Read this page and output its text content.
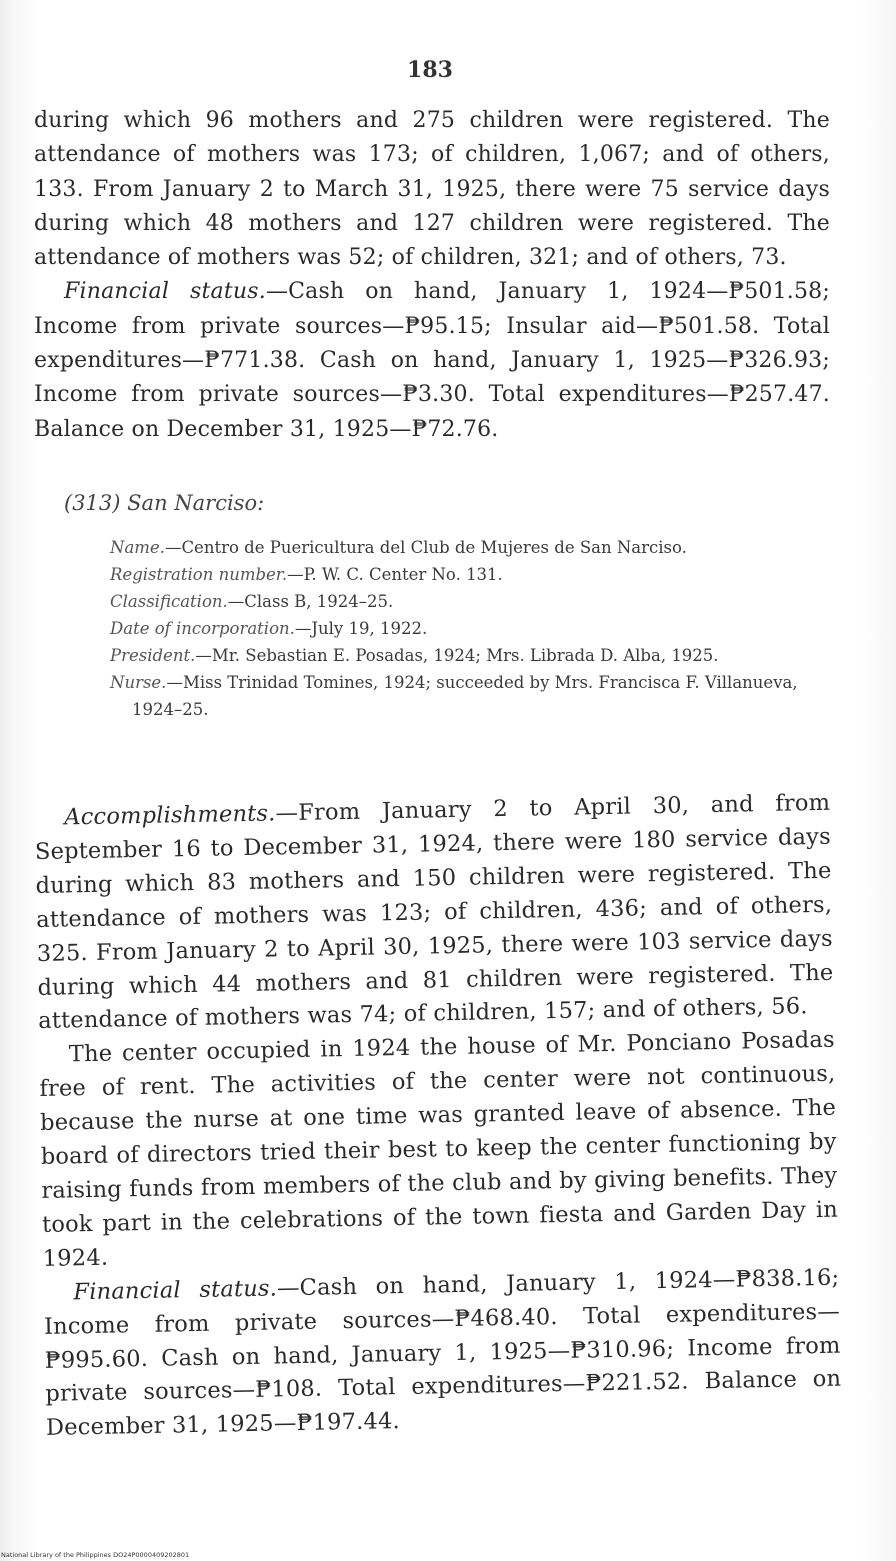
183

during which 96 mothers and 275 children were registered. The attendance of mothers was 173; of children, 1,067; and of others, 133. From January 2 to March 31, 1925, there were 75 service days during which 48 mothers and 127 children were registered. The attendance of mothers was 52; of children, 321; and of others, 73.

Financial status.—Cash on hand, January 1, 1924—₱501.58; Income from private sources—₱95.15; Insular aid—₱501.58. Total expenditures—₱771.38. Cash on hand, January 1, 1925—₱326.93; Income from private sources—₱3.30. Total expenditures—₱257.47. Balance on December 31, 1925—₱72.76.

(313) San Narciso:

Name.—Centro de Puericultura del Club de Mujeres de San Narciso.

Registration number.—P. W. C. Center No. 131.

Classification.—Class B, 1924–25.

Date of incorporation.—July 19, 1922.

President.—Mr. Sebastian E. Posadas, 1924; Mrs. Librada D. Alba, 1925.

Nurse.—Miss Trinidad Tomines, 1924; succeeded by Mrs. Francisca F. Villanueva, 1924–25.

Accomplishments.—From January 2 to April 30, and from September 16 to December 31, 1924, there were 180 service days during which 83 mothers and 150 children were registered. The attendance of mothers was 123; of children, 436; and of others, 325. From January 2 to April 30, 1925, there were 103 service days during which 44 mothers and 81 children were registered. The attendance of mothers was 74; of children, 157; and of others, 56.

The center occupied in 1924 the house of Mr. Ponciano Posadas free of rent. The activities of the center were not continuous, because the nurse at one time was granted leave of absence. The board of directors tried their best to keep the center functioning by raising funds from members of the club and by giving benefits. They took part in the celebrations of the town fiesta and Garden Day in 1924.

Financial status.—Cash on hand, January 1, 1924—₱838.16; Income from private sources—₱468.40. Total expenditures—₱995.60. Cash on hand, January 1, 1925—₱310.96; Income from private sources—₱108. Total expenditures—₱221.52. Balance on December 31, 1925—₱197.44.

National Library of the Philippines DO24P0000409202801
